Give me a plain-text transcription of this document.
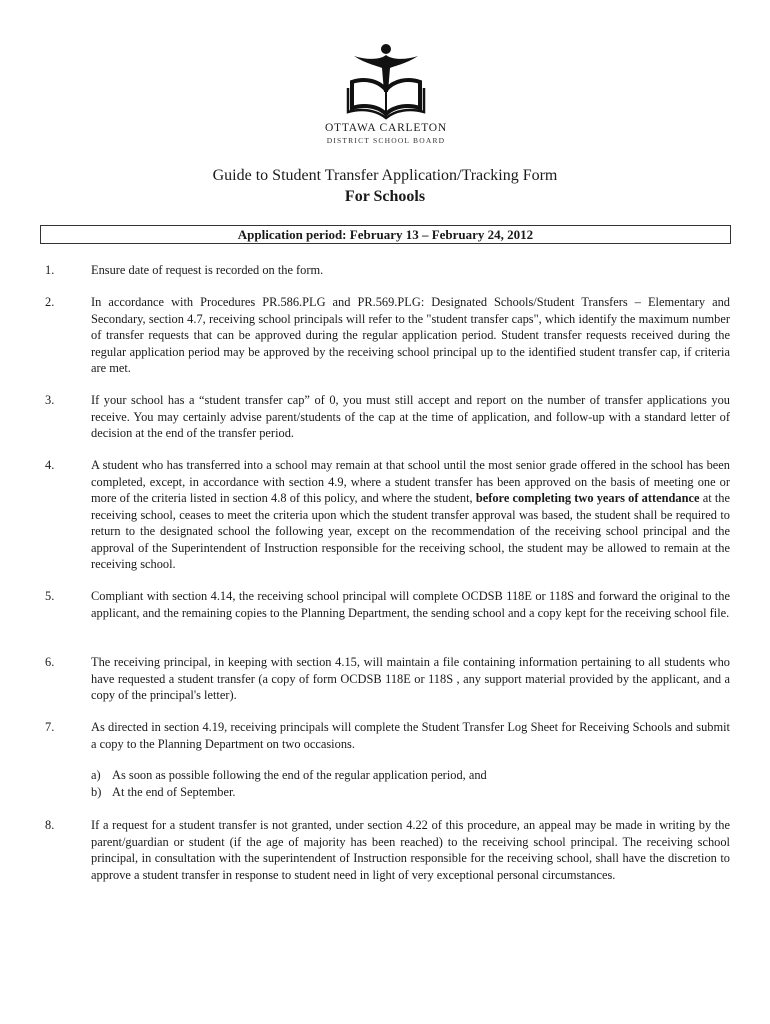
OTTAWA CARLETON
DISTRICT SCHOOL BOARD
Guide to Student Transfer Application/Tracking Form
For Schools
Application period: February 13 – February 24, 2012
1.	Ensure date of request is recorded on the form.
2.	In accordance with Procedures PR.586.PLG and PR.569.PLG: Designated Schools/Student Transfers – Elementary and Secondary, section 4.7, receiving school principals will refer to the "student transfer caps", which identify the maximum number of transfer requests that can be approved during the regular application period. Student transfer requests received during the regular application period may be approved by the receiving school principal up to the identified student transfer cap, if criteria are met.
3.	If your school has a “student transfer cap” of 0, you must still accept and report on the number of transfer applications you receive. You may certainly advise parent/students of the cap at the time of application, and follow-up with a standard letter of decision at the end of the transfer period.
4.	A student who has transferred into a school may remain at that school until the most senior grade offered in the school has been completed, except, in accordance with section 4.9, where a student transfer has been approved on the basis of meeting one or more of the criteria listed in section 4.8 of this policy, and where the student, before completing two years of attendance at the receiving school, ceases to meet the criteria upon which the student transfer approval was based, the student shall be required to return to the designated school the following year, except on the recommendation of the receiving school principal and the approval of the Superintendent of Instruction responsible for the receiving school, the student may be allowed to remain at the receiving school.
5.	Compliant with section 4.14, the receiving school principal will complete OCDSB 118E or 118S and forward the original to the applicant, and the remaining copies to the Planning Department, the sending school and a copy kept for the receiving school file.
6.	The receiving principal, in keeping with section 4.15, will maintain a file containing information pertaining to all students who have requested a student transfer (a copy of form OCDSB 118E or 118S , any support material provided by the applicant, and a copy of the principal's letter).
7.	As directed in section 4.19, receiving principals will complete the Student Transfer Log Sheet for Receiving Schools and submit a copy to the Planning Department on two occasions.
a) As soon as possible following the end of the regular application period, and
b) At the end of September.
8.	If a request for a student transfer is not granted, under section 4.22 of this procedure, an appeal may be made in writing by the parent/guardian or student (if the age of majority has been reached) to the receiving school principal. The receiving school principal, in consultation with the superintendent of Instruction responsible for the receiving school, shall have the discretion to approve a student transfer in response to student need in light of very exceptional personal circumstances.
